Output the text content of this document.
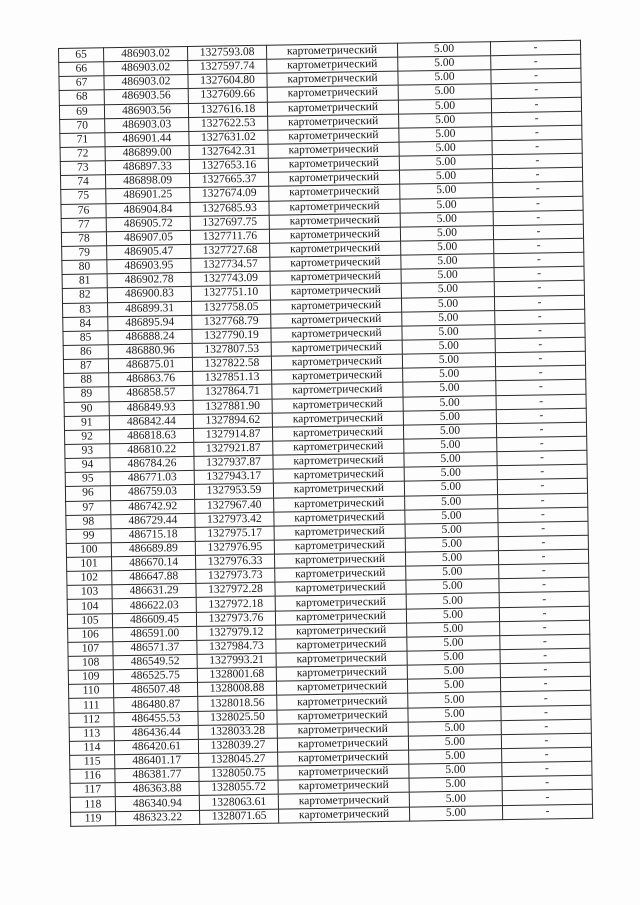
65	486903.02	1327593.08	картометрический	5.00	-
66	486903.02	1327597.74	картометрический	5.00	-
67	486903.02	1327604.80	картометрический	5.00	-
68	486903.56	1327609.66	картометрический	5.00	-
69	486903.56	1327616.18	картометрический	5.00	-
70	486903.03	1327622.53	картометрический	5.00	-
71	486901.44	1327631.02	картометрический	5.00	-
72	486899.00	1327642.31	картометрический	5.00	-
73	486897.33	1327653.16	картометрический	5.00	-
74	486898.09	1327665.37	картометрический	5.00	-
75	486901.25	1327674.09	картометрический	5.00	-
76	486904.84	1327685.93	картометрический	5.00	-
77	486905.72	1327697.75	картометрический	5.00	-
78	486907.05	1327711.76	картометрический	5.00	-
79	486905.47	1327727.68	картометрический	5.00	-
80	486903.95	1327734.57	картометрический	5.00	-
81	486902.78	1327743.09	картометрический	5.00	-
82	486900.83	1327751.10	картометрический	5.00	-
83	486899.31	1327758.05	картометрический	5.00	-
84	486895.94	1327768.79	картометрический	5.00	-
85	486888.24	1327790.19	картометрический	5.00	-
86	486880.96	1327807.53	картометрический	5.00	-
87	486875.01	1327822.58	картометрический	5.00	-
88	486863.76	1327851.13	картометрический	5.00	-
89	486858.57	1327864.71	картометрический	5.00	-
90	486849.93	1327881.90	картометрический	5.00	-
91	486842.44	1327894.62	картометрический	5.00	-
92	486818.63	1327914.87	картометрический	5.00	-
93	486810.22	1327921.87	картометрический	5.00	-
94	486784.26	1327937.87	картометрический	5.00	-
95	486771.03	1327943.17	картометрический	5.00	-
96	486759.03	1327953.59	картометрический	5.00	-
97	486742.92	1327967.40	картометрический	5.00	-
98	486729.44	1327973.42	картометрический	5.00	-
99	486715.18	1327975.17	картометрический	5.00	-
100	486689.89	1327976.95	картометрический	5.00	-
101	486670.14	1327976.33	картометрический	5.00	-
102	486647.88	1327973.73	картометрический	5.00	-
103	486631.29	1327972.28	картометрический	5.00	-
104	486622.03	1327972.18	картометрический	5.00	-
105	486609.45	1327973.76	картометрический	5.00	-
106	486591.00	1327979.12	картометрический	5.00	-
107	486571.37	1327984.73	картометрический	5.00	-
108	486549.52	1327993.21	картометрический	5.00	-
109	486525.75	1328001.68	картометрический	5.00	-
110	486507.48	1328008.88	картометрический	5.00	-
111	486480.87	1328018.56	картометрический	5.00	-
112	486455.53	1328025.50	картометрический	5.00	-
113	486436.44	1328033.28	картометрический	5.00	-
114	486420.61	1328039.27	картометрический	5.00	-
115	486401.17	1328045.27	картометрический	5.00	-
116	486381.77	1328050.75	картометрический	5.00	-
117	486363.88	1328055.72	картометрический	5.00	-
118	486340.94	1328063.61	картометрический	5.00	-
119	486323.22	1328071.65	картометрический	5.00	-
